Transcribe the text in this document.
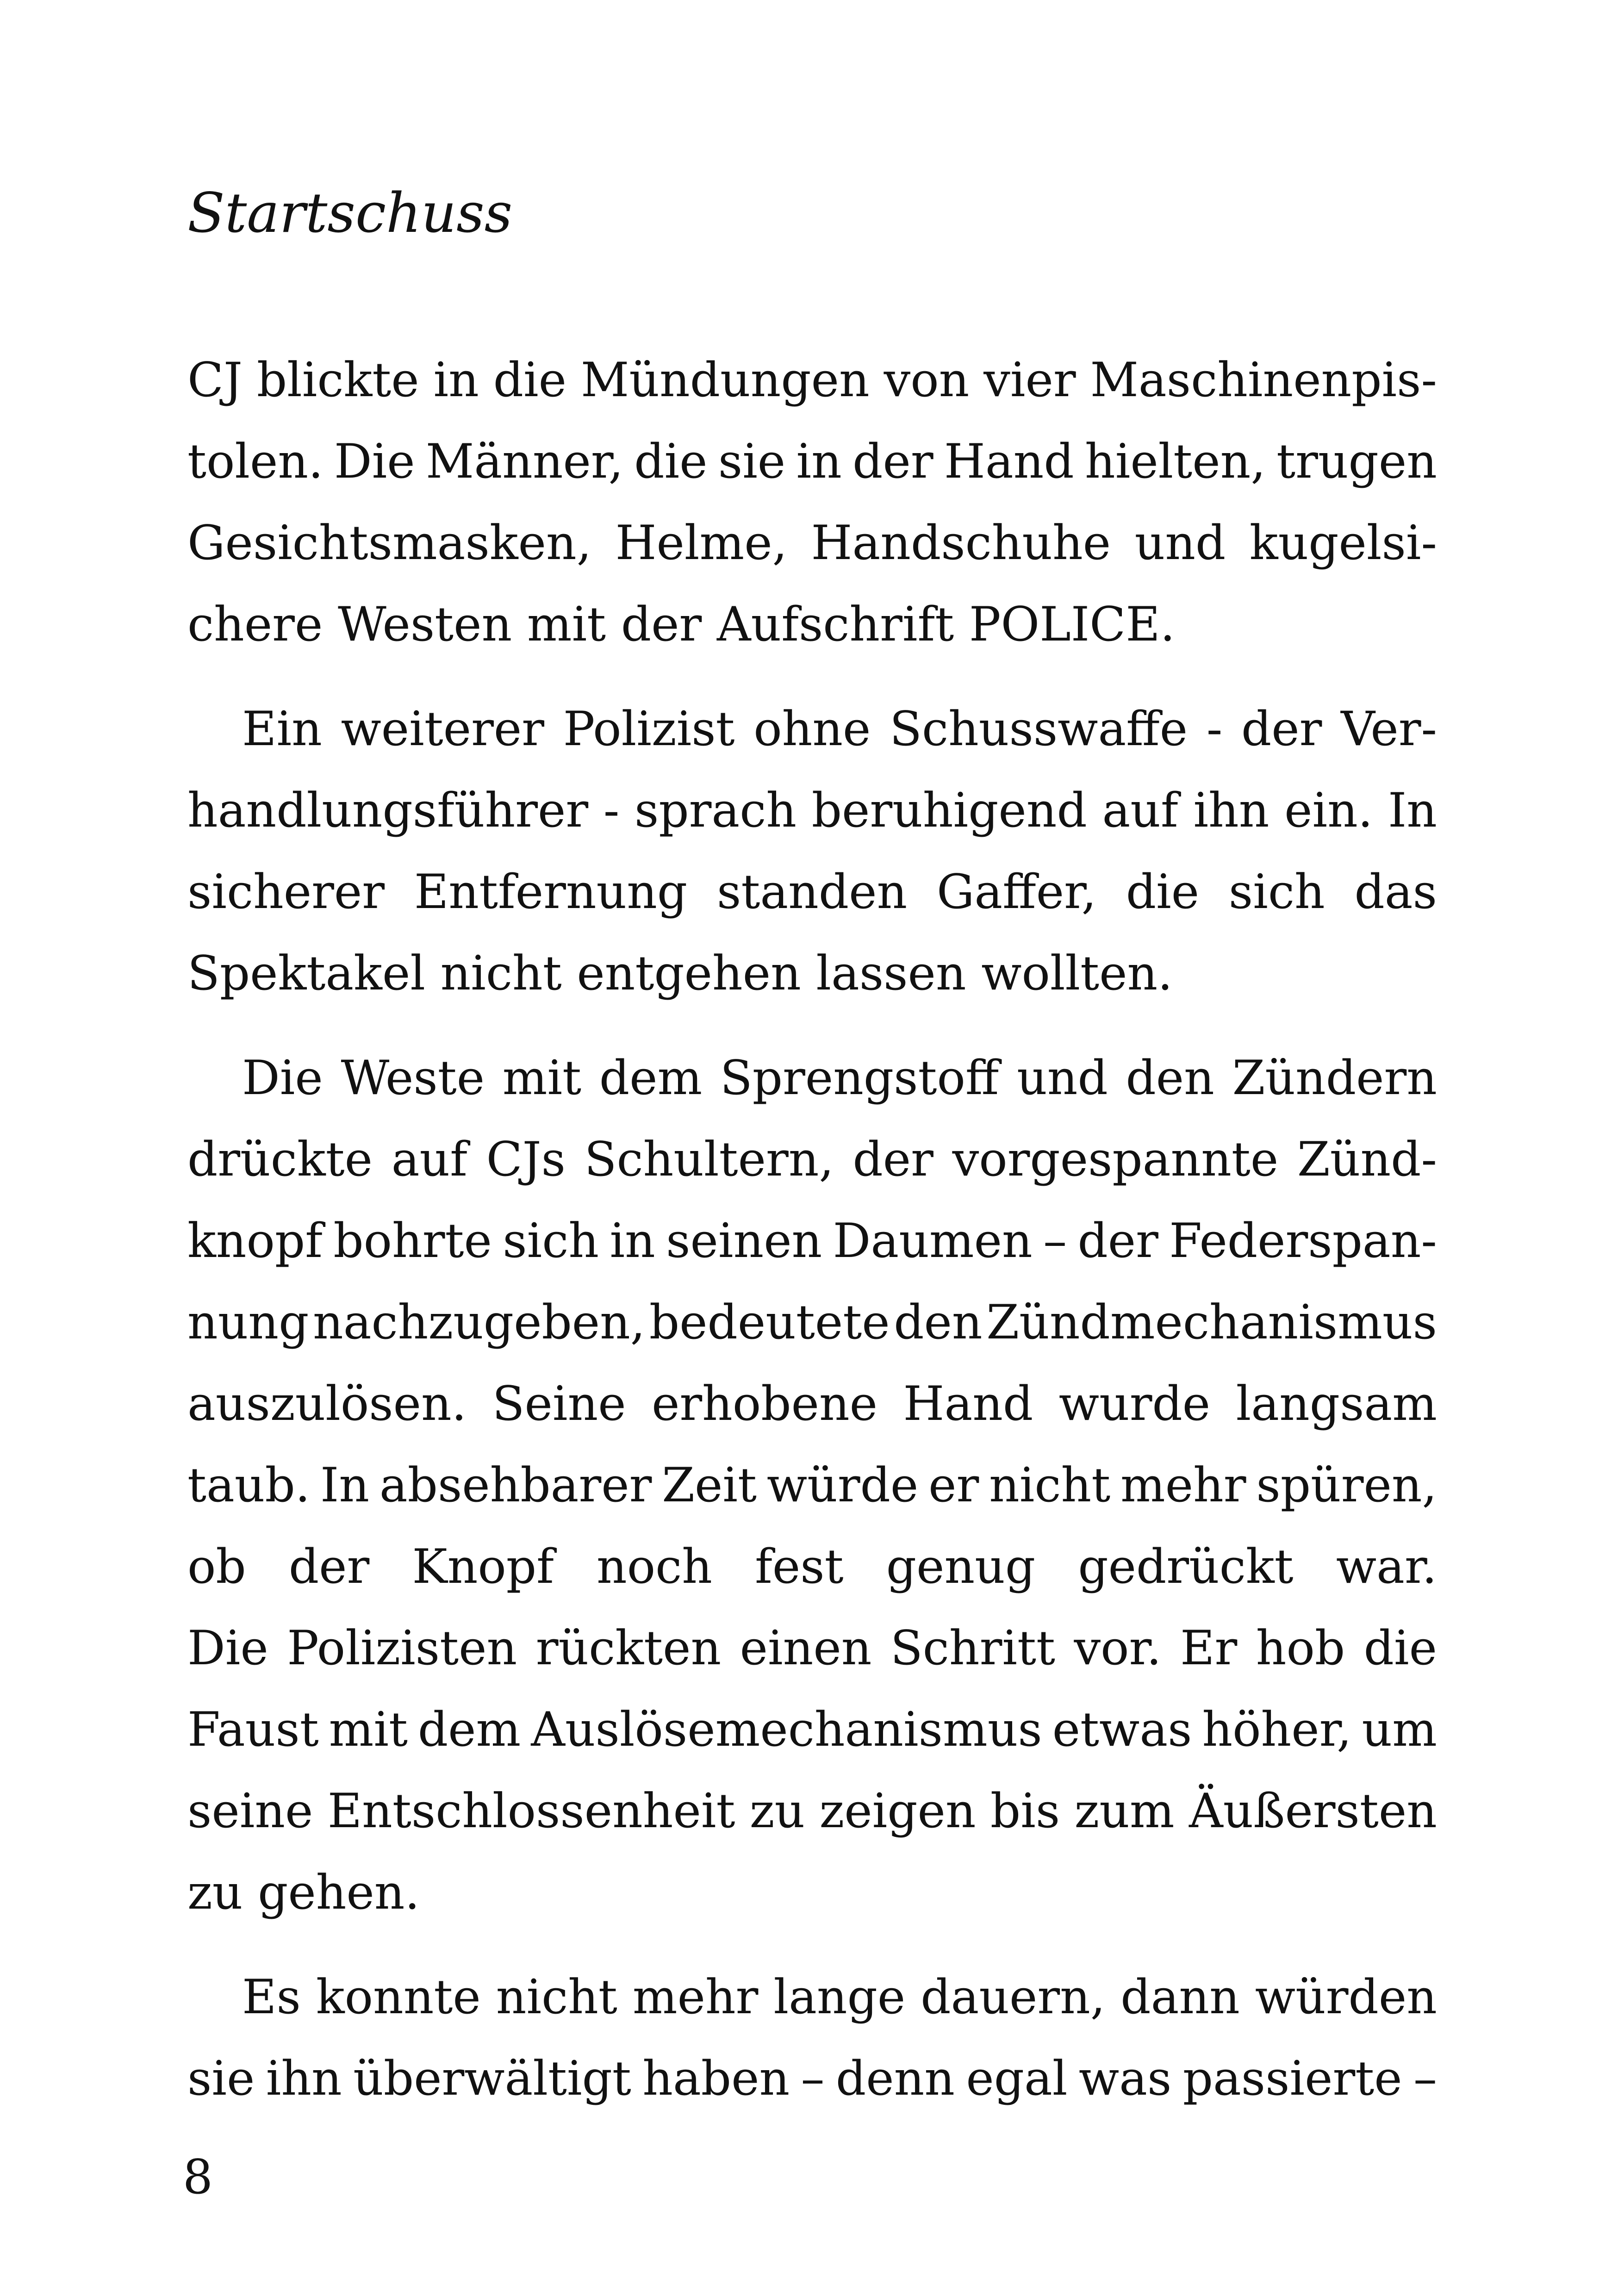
Startschuss
CJ blickte in die Mündungen von vier Maschinenpis-
tolen. Die Männer, die sie in der Hand hielten, trugen
Gesichtsmasken, Helme, Handschuhe und kugelsi-
chere Westen mit der Aufschrift POLICE.
Ein weiterer Polizist ohne Schusswaffe - der Ver-
handlungsführer - sprach beruhigend auf ihn ein. In
sicherer Entfernung standen Gaffer, die sich das
Spektakel nicht entgehen lassen wollten.
Die Weste mit dem Sprengstoff und den Zündern
drückte auf CJs Schultern, der vorgespannte Zünd-
knopf bohrte sich in seinen Daumen – der Federspan-
nung nachzugeben, bedeutete den Zündmechanismus
auszulösen. Seine erhobene Hand wurde langsam
taub. In absehbarer Zeit würde er nicht mehr spüren,
ob der Knopf noch fest genug gedrückt war.
Die Polizisten rückten einen Schritt vor. Er hob die
Faust mit dem Auslösemechanismus etwas höher, um
seine Entschlossenheit zu zeigen bis zum Äußersten
zu gehen.
Es konnte nicht mehr lange dauern, dann würden
sie ihn überwältigt haben – denn egal was passierte –
8
